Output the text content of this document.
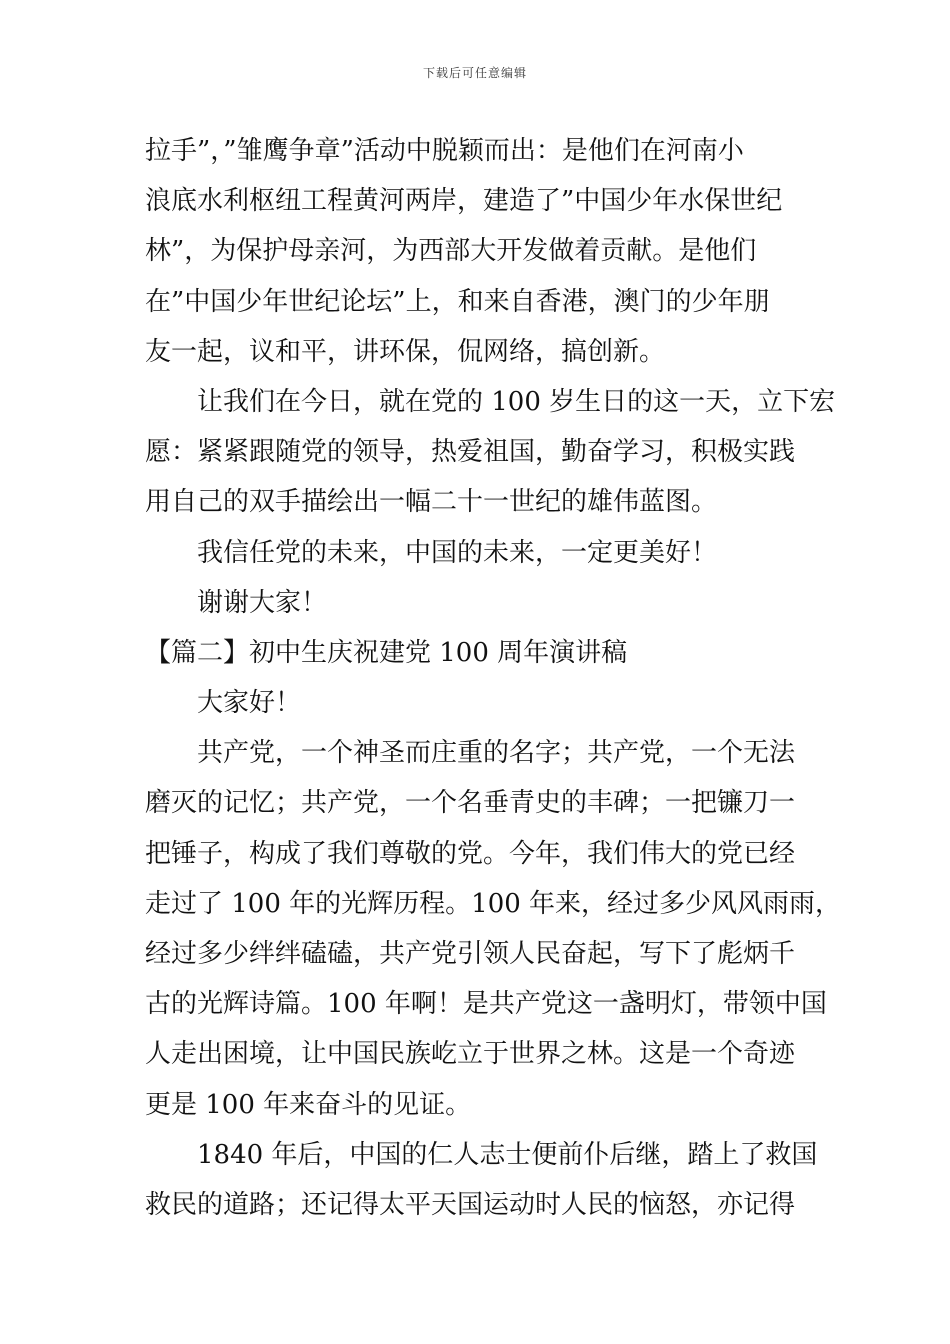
下载后可任意编辑
拉手”，”雏鹰争章”活动中脱颖而出：是他们在河南小
浪底水利枢纽工程黄河两岸，建造了”中国少年水保世纪
林”，为保护母亲河，为西部大开发做着贡献。是他们
在”中国少年世纪论坛”上，和来自香港，澳门的少年朋
友一起，议和平，讲环保，侃网络，搞创新。
让我们在今日，就在党的 100 岁生日的这一天，立下宏
愿：紧紧跟随党的领导，热爱祖国，勤奋学习，积极实践
用自己的双手描绘出一幅二十一世纪的雄伟蓝图。
我信任党的未来，中国的未来，一定更美好！
谢谢大家！
【篇二】初中生庆祝建党 100 周年演讲稿
大家好！
共产党，一个神圣而庄重的名字；共产党，一个无法
磨灭的记忆；共产党，一个名垂青史的丰碑；一把镰刀一
把锤子，构成了我们尊敬的党。今年，我们伟大的党已经
走过了 100 年的光辉历程。100 年来，经过多少风风雨雨，
经过多少绊绊磕磕，共产党引领人民奋起，写下了彪炳千
古的光辉诗篇。100 年啊！是共产党这一盏明灯，带领中国
人走出困境，让中国民族屹立于世界之林。这是一个奇迹
更是 100 年来奋斗的见证。
1840 年后，中国的仁人志士便前仆后继，踏上了救国
救民的道路；还记得太平天国运动时人民的恼怒，亦记得
